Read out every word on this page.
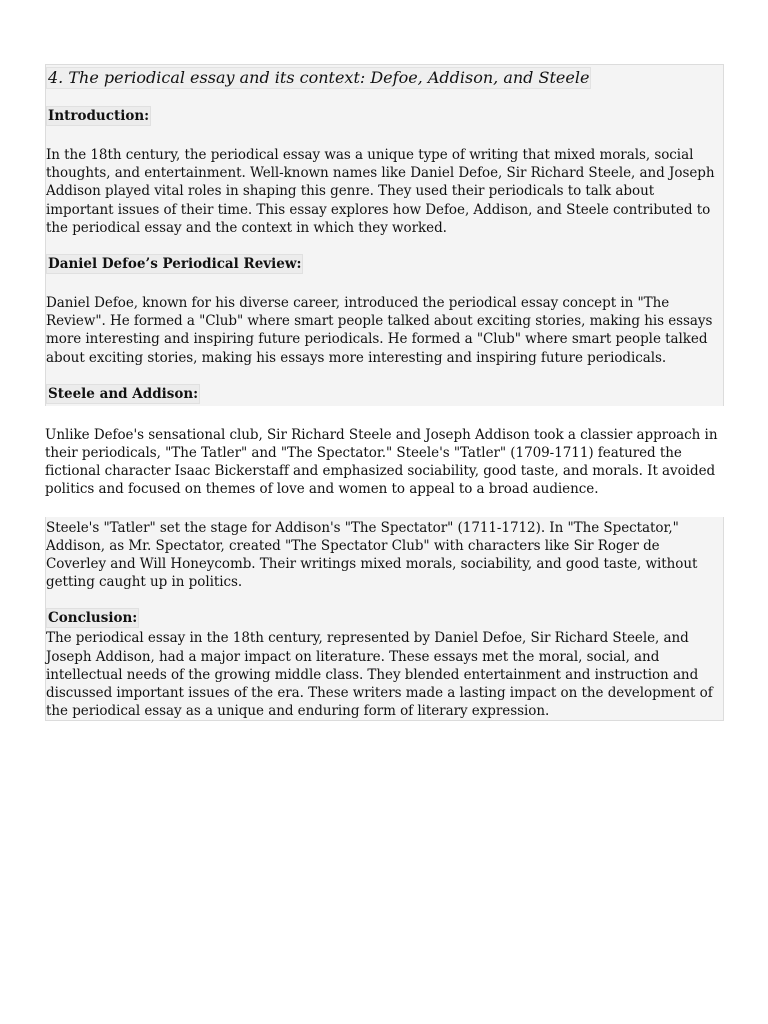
4. The periodical essay and its context: Defoe, Addison, and Steele
Introduction:

In the 18th century, the periodical essay was a unique type of writing that mixed morals, social thoughts, and entertainment. Well-known names like Daniel Defoe, Sir Richard Steele, and Joseph Addison played vital roles in shaping this genre. They used their periodicals to talk about important issues of their time. This essay explores how Defoe, Addison, and Steele contributed to the periodical essay and the context in which they worked.

Daniel Defoe’s Periodical Review:

Daniel Defoe, known for his diverse career, introduced the periodical essay concept in "The Review". He formed a "Club" where smart people talked about exciting stories, making his essays more interesting and inspiring future periodicals. He formed a "Club" where smart people talked about exciting stories, making his essays more interesting and inspiring future periodicals.

Steele and Addison:

Unlike Defoe's sensational club, Sir Richard Steele and Joseph Addison took a classier approach in their periodicals, "The Tatler" and "The Spectator." Steele's "Tatler" (1709-1711) featured the fictional character Isaac Bickerstaff and emphasized sociability, good taste, and morals. It avoided politics and focused on themes of love and women to appeal to a broad audience.

Steele's "Tatler" set the stage for Addison's "The Spectator" (1711-1712). In "The Spectator," Addison, as Mr. Spectator, created "The Spectator Club" with characters like Sir Roger de Coverley and Will Honeycomb. Their writings mixed morals, sociability, and good taste, without getting caught up in politics.

Conclusion:

The periodical essay in the 18th century, represented by Daniel Defoe, Sir Richard Steele, and Joseph Addison, had a major impact on literature. These essays met the moral, social, and intellectual needs of the growing middle class. They blended entertainment and instruction and discussed important issues of the era. These writers made a lasting impact on the development of the periodical essay as a unique and enduring form of literary expression.
